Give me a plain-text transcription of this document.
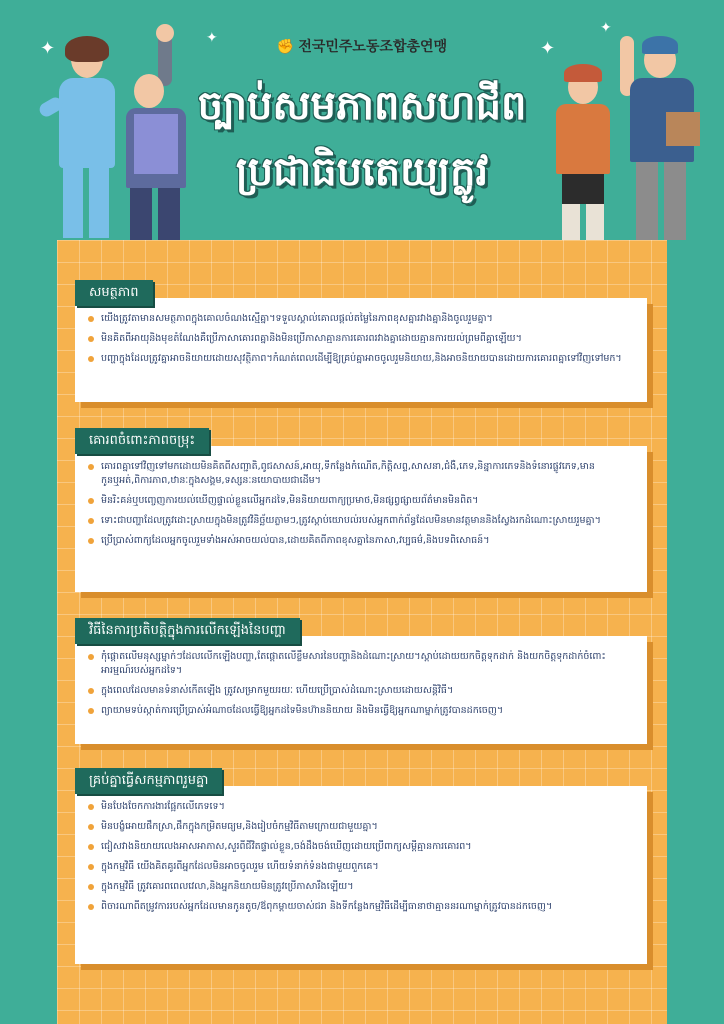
✦	✦	✦
✦
✊ 전국민주노동조합총연맹
ច្បាប់សមភាពសហជីព
ប្រជាធិបតេយ្យក្លូវ
សមត្ថភាព
យើងត្រូវតាមានសមត្ថភាពក្នុងគោលចំណងស្មើគ្នា។ទទួលស្គាល់គោលផ្តល់តម្លៃនៃភាពខុសគ្នារវាងគ្នានិងចូលរួមគ្នា។
មិនគិតពីអាយុនិងមុខតំណែងគឺប្រើភាសាគោរពគ្នានិងមិនប្រើភាសាគ្មានការគោរពរវាងគ្នាដោយគ្មានការយល់ព្រមពីគ្នាឡើយ។
បញ្ហាក្នុងដែលត្រូវគ្នាអាចនិយាយដោយសុវត្ថិភាព។កំណត់ពេលដើម្បីឱ្យគ្រប់គ្នាអាចចូលរួមនិយាយ,និងអាចនិយាយបានដោយការគោរពគ្នាទៅវិញទៅមក។
គោរពចំពោះភាពចម្រុះ
គោរពគ្នាទៅវិញទៅមកដោយមិនគិតពីសញ្ជាតិ,ពូជសាសន៍,អាយុ,ទីកន្លែងកំណើត,កិត្តិសព្ទ,សាសនា,ជំងឺ,ភេទ,និន្នាការភេទនិងទំនោរផ្លូវភេទ,មានកូនឬអត់,ពិការភាព,ឋានៈក្នុងសង្គម,ទស្សនៈនយោបាយជាដើម។
មិនរិះគន់ឬបញ្ចេញការយល់ឃើញផ្ទាល់ខ្លួនលើអ្នកដទៃ,មិននិយាយពាក្យប្រមាថ,មិនផ្សព្វផ្សាយព័ត៌មានមិនពិត។
ទោះជាបញ្ហាដែលត្រូវដោះស្រាយក្នុងមិនត្រូវវិនិច្ឆ័យភ្លាមៗ,ត្រូវស្តាប់យោបល់របស់អ្នកពាក់ព័ន្ធដែលមិនមានវត្តមាននិងស្វែងរកដំណោះស្រាយរួមគ្នា។
ប្រើប្រាស់ពាក្យដែលអ្នកចូលរួមទាំងអស់អាចយល់បាន,ដោយគិតពីភាពខុសគ្នានៃភាសា,វប្បធម៌,និងបទពិសោធន៍។
វិធីនៃការប្រតិបត្តិក្នុងការលើកឡើងនៃបញ្ហា
កុំផ្តោតលើមនុស្សម្នាក់ៗដែលលើកឡើងបញ្ហា,តែផ្តោតលើខ្លឹមសារនៃបញ្ហានិងដំណោះស្រាយ។ស្តាប់ដោយយកចិត្តទុកដាក់ និងយកចិត្តទុកដាក់ចំពោះអារម្មណ៍របស់អ្នកដទៃ។
ក្នុងពេលដែលមានទំនាស់កើតឡើង ត្រូវសម្រាកមួយរយៈ ហើយប្រើប្រាស់ដំណោះស្រាយដោយសន្តិវិធី។
ព្យាយាមទប់ស្កាត់ការប្រើប្រាស់អំណាចដែលធ្វើឱ្យអ្នកដទៃមិនហ៊ាននិយាយ និងមិនធ្វើឱ្យអ្នកណាម្នាក់ត្រូវបានដកចេញ។
គ្រប់គ្នាធ្វើសកម្មភាពរួមគ្នា
មិនបែងចែកការងារផ្អែកលើភេទទេ។
មិនបង្ខំអោយផឹកស្រា,ផឹកក្នុងកម្រិតមធ្យម,និងរៀបចំកម្មវិធីតាមក្រោយជាមួយគ្នា។
ជៀសវាងនិយាយលេងអាសអាភាស,សួរពីជីវិតផ្ទាល់ខ្លួន,ចង់ដឹងចង់ឃើញដោយប្រើពាក្យសម្តីគ្មានការគោរព។
ក្នុងកម្មវិធី យើងគិតគូរពីអ្នកដែលមិនអាចចូលរួម ហើយទំនាក់ទំនងជាមួយពួកគេ។
ក្នុងកម្មវិធី ត្រូវគោរពពេលវេលា,និងអ្នកនិយាយមិនត្រូវប្រើភាសារឹងឡើយ។
ពិចារណាពីតម្រូវការរបស់អ្នកដែលមានកូនតូច/ឪពុកម្តាយចាស់ជរា និងទីកន្លែងកម្មវិធីដើម្បីធានាថាគ្មាននរណាម្នាក់ត្រូវបានដកចេញ។
